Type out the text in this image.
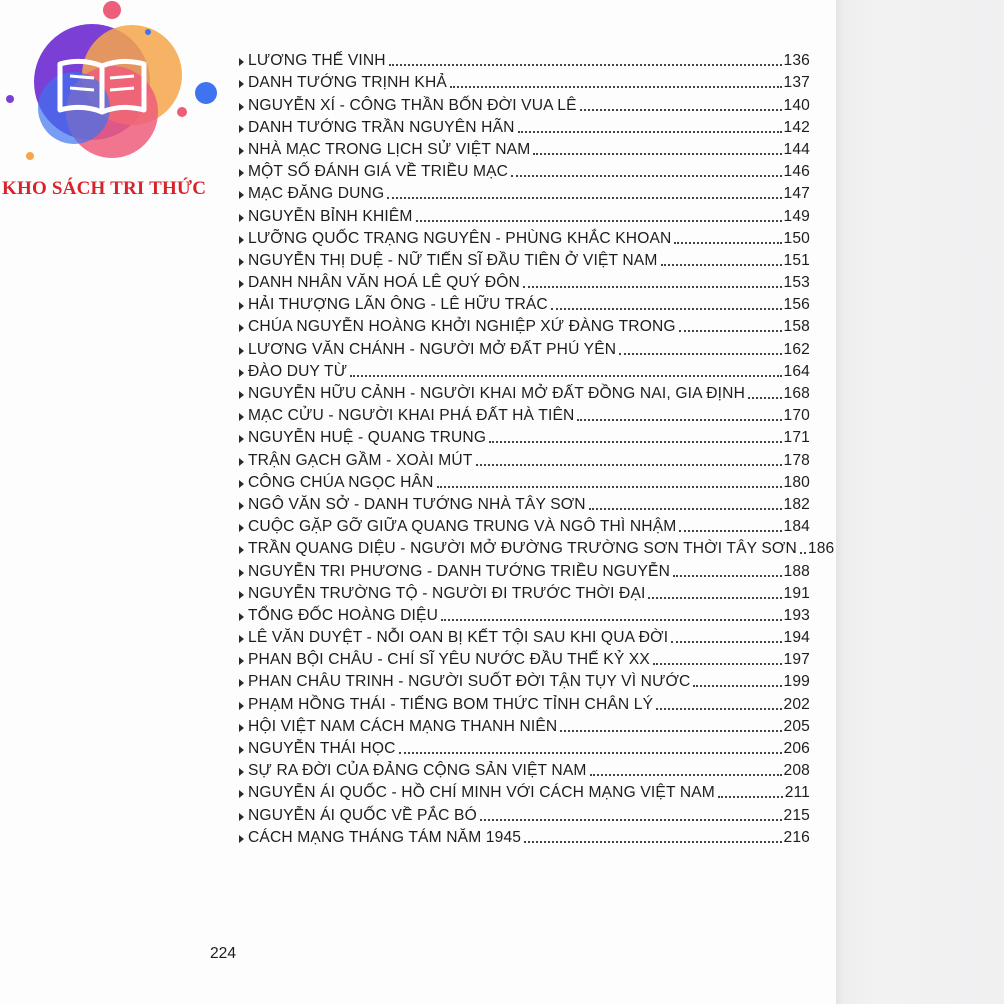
KHO SÁCH TRI THỨC
LƯƠNG THẾ VINH	136
DANH TƯỚNG TRỊNH KHẢ	137
NGUYỄN XÍ - CÔNG THẦN BỐN ĐỜI VUA LÊ	140
DANH TƯỚNG TRẦN NGUYÊN HÃN	142
NHÀ MẠC TRONG LỊCH SỬ VIỆT NAM	144
MỘT SỐ ĐÁNH GIÁ VỀ TRIỀU MẠC	146
MẠC ĐĂNG DUNG	147
NGUYỄN BỈNH KHIÊM	149
LƯỠNG QUỐC TRẠNG NGUYÊN - PHÙNG KHẮC KHOAN	150
NGUYỄN THỊ DUỆ - NỮ TIẾN SĨ ĐẦU TIÊN Ở VIỆT NAM	151
DANH NHÂN VĂN HOÁ LÊ QUÝ ĐÔN	153
HẢI THƯỢNG LÃN ÔNG - LÊ HỮU TRÁC	156
CHÚA NGUYỄN HOÀNG KHỞI NGHIỆP XỨ ĐÀNG TRONG	158
LƯƠNG VĂN CHÁNH - NGƯỜI MỞ ĐẤT PHÚ YÊN	162
ĐÀO DUY TỪ	164
NGUYỄN HỮU CẢNH - NGƯỜI KHAI MỞ ĐẤT ĐỒNG NAI, GIA ĐỊNH 168
MẠC CỬU - NGƯỜI KHAI PHÁ ĐẤT HÀ TIÊN	170
NGUYỄN HUỆ - QUANG TRUNG	171
TRẬN GẠCH GẦM - XOÀI MÚT	178
CÔNG CHÚA NGỌC HÂN	180
NGÔ VĂN SỞ - DANH TƯỚNG NHÀ TÂY SƠN	182
CUỘC GẶP GỠ GIỮA QUANG TRUNG VÀ NGÔ THÌ NHẬM	184
TRẦN QUANG DIỆU - NGƯỜI MỞ ĐƯỜNG TRƯỜNG SƠN THỜI TÂY SƠN 186
NGUYỄN TRI PHƯƠNG - DANH TƯỚNG TRIỀU NGUYỄN	188
NGUYỄN TRƯỜNG TỘ - NGƯỜI ĐI TRƯỚC THỜI ĐẠI	191
TỔNG ĐỐC HOÀNG DIỆU	193
LÊ VĂN DUYỆT - NỖI OAN BỊ KẾT TỘI SAU KHI QUA ĐỜI	194
PHAN BỘI CHÂU - CHÍ SĨ YÊU NƯỚC ĐẦU THẾ KỶ XX	197
PHAN CHÂU TRINH - NGƯỜI SUỐT ĐỜI TẬN TỤY VÌ NƯỚC	199
PHẠM HỒNG THÁI - TIẾNG BOM THỨC TỈNH CHÂN LÝ	202
HỘI VIỆT NAM CÁCH MẠNG THANH NIÊN	205
NGUYỄN THÁI HỌC	206
SỰ RA ĐỜI CỦA ĐẢNG CỘNG SẢN VIỆT NAM	208
NGUYỄN ÁI QUỐC - HỒ CHÍ MINH VỚI CÁCH MẠNG VIỆT NAM	211
NGUYỄN ÁI QUỐC VỀ PẮC BÓ	215
CÁCH MẠNG THÁNG TÁM NĂM 1945	216
224
